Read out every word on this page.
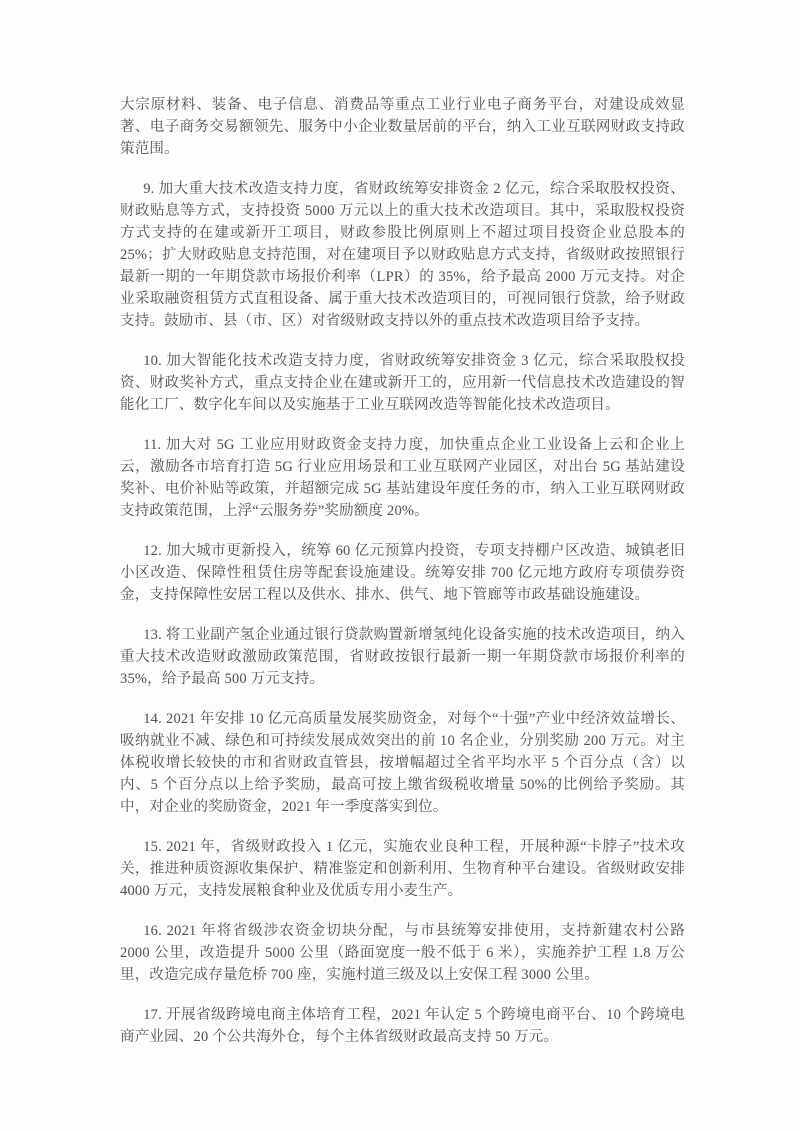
大宗原材料、装备、电子信息、消费品等重点工业行业电子商务平台，对建设成效显著、电子商务交易额领先、服务中小企业数量居前的平台，纳入工业互联网财政支持政策范围。

9. 加大重大技术改造支持力度，省财政统筹安排资金 2 亿元，综合采取股权投资、财政贴息等方式，支持投资 5000 万元以上的重大技术改造项目。其中，采取股权投资方式支持的在建或新开工项目，财政参股比例原则上不超过项目投资企业总股本的 25%；扩大财政贴息支持范围，对在建项目予以财政贴息方式支持，省级财政按照银行最新一期的一年期贷款市场报价利率（LPR）的 35%，给予最高 2000 万元支持。对企业采取融资租赁方式直租设备、属于重大技术改造项目的，可视同银行贷款，给予财政支持。鼓励市、县（市、区）对省级财政支持以外的重点技术改造项目给予支持。

10. 加大智能化技术改造支持力度，省财政统筹安排资金 3 亿元，综合采取股权投资、财政奖补方式，重点支持企业在建或新开工的，应用新一代信息技术改造建设的智能化工厂、数字化车间以及实施基于工业互联网改造等智能化技术改造项目。

11. 加大对 5G 工业应用财政资金支持力度，加快重点企业工业设备上云和企业上云，激励各市培育打造 5G 行业应用场景和工业互联网产业园区，对出台 5G 基站建设奖补、电价补贴等政策，并超额完成 5G 基站建设年度任务的市，纳入工业互联网财政支持政策范围，上浮“云服务券”奖励额度 20%。

12. 加大城市更新投入，统筹 60 亿元预算内投资，专项支持棚户区改造、城镇老旧小区改造、保障性租赁住房等配套设施建设。统筹安排 700 亿元地方政府专项债券资金，支持保障性安居工程以及供水、排水、供气、地下管廊等市政基础设施建设。

13. 将工业副产氢企业通过银行贷款购置新增氢纯化设备实施的技术改造项目，纳入重大技术改造财政激励政策范围，省财政按银行最新一期一年期贷款市场报价利率的 35%，给予最高 500 万元支持。

14. 2021 年安排 10 亿元高质量发展奖励资金，对每个“十强”产业中经济效益增长、吸纳就业不减、绿色和可持续发展成效突出的前 10 名企业，分别奖励 200 万元。对主体税收增长较快的市和省财政直管县，按增幅超过全省平均水平 5 个百分点（含）以内、5 个百分点以上给予奖励，最高可按上缴省级税收增量 50%的比例给予奖励。其中，对企业的奖励资金，2021 年一季度落实到位。

15. 2021 年，省级财政投入 1 亿元，实施农业良种工程，开展种源“卡脖子”技术攻关，推进种质资源收集保护、精准鉴定和创新利用、生物育种平台建设。省级财政安排 4000 万元，支持发展粮食种业及优质专用小麦生产。

16. 2021 年将省级涉农资金切块分配，与市县统筹安排使用，支持新建农村公路 2000 公里，改造提升 5000 公里（路面宽度一般不低于 6 米），实施养护工程 1.8 万公里，改造完成存量危桥 700 座，实施村道三级及以上安保工程 3000 公里。

17. 开展省级跨境电商主体培育工程，2021 年认定 5 个跨境电商平台、10 个跨境电商产业园、20 个公共海外仓，每个主体省级财政最高支持 50 万元。
